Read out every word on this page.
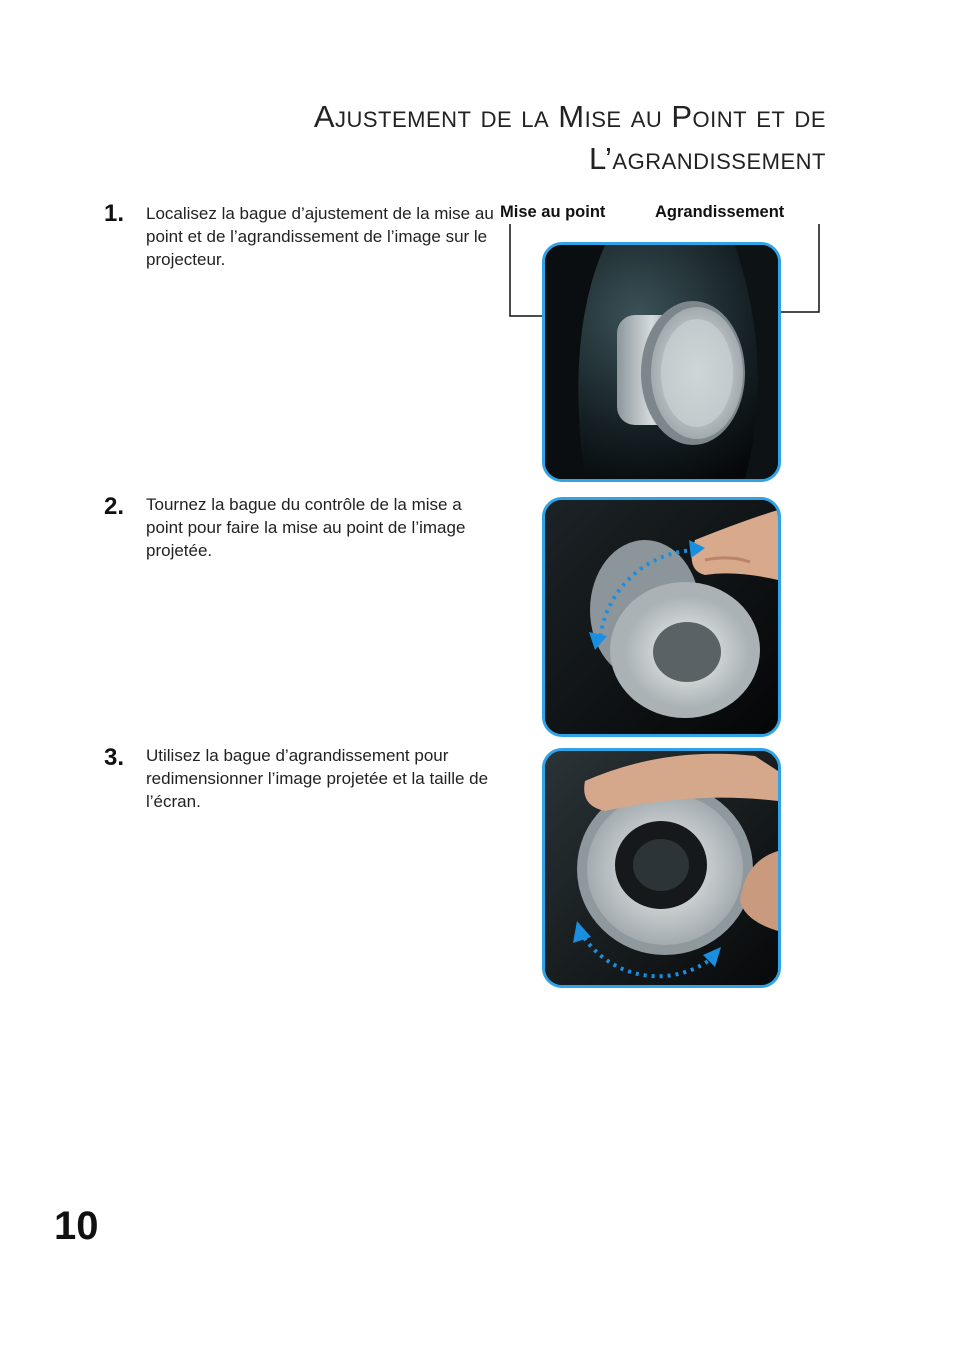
Ajustement de la Mise au Point et de
L’agrandissement
1. Localisez la bague d’ajustement de la mise au point et de l’agrandissement de l’image sur le projecteur.
2. Tournez la bague du contrôle de la mise a point pour faire la mise au point de l’image projetée.
3. Utilisez la bague d’agrandissement pour redimensionner l’image projetée et la taille de l’écran.
Mise au point	Agrandissement
10
